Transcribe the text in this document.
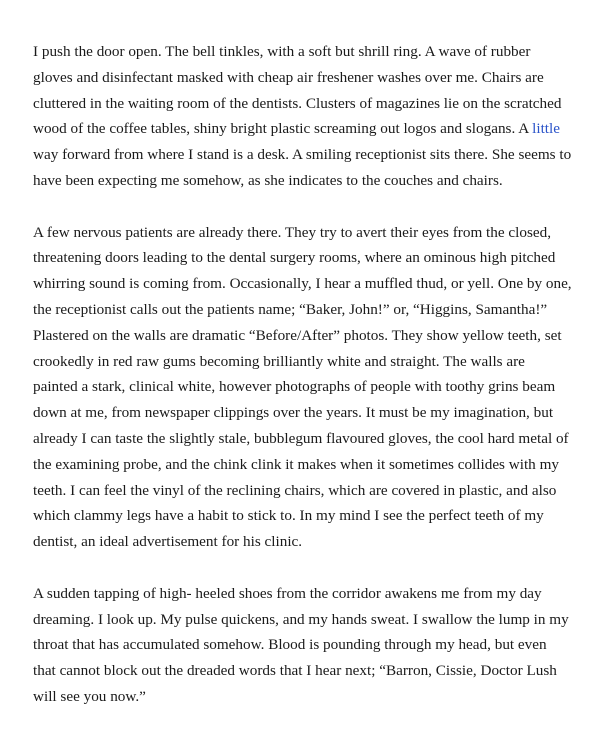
I push the door open. The bell tinkles, with a soft but shrill ring. A wave of rubber gloves and disinfectant masked with cheap air freshener washes over me. Chairs are cluttered in the waiting room of the dentists. Clusters of magazines lie on the scratched wood of the coffee tables, shiny bright plastic screaming out logos and slogans. A little way forward from where I stand is a desk. A smiling receptionist sits there. She seems to have been expecting me somehow, as she indicates to the couches and chairs.

A few nervous patients are already there. They try to avert their eyes from the closed, threatening doors leading to the dental surgery rooms, where an ominous high pitched whirring sound is coming from. Occasionally, I hear a muffled thud, or yell. One by one, the receptionist calls out the patients name; “Baker, John!” or, “Higgins, Samantha!”

Plastered on the walls are dramatic “Before/After” photos. They show yellow teeth, set crookedly in red raw gums becoming brilliantly white and straight. The walls are painted a stark, clinical white, however photographs of people with toothy grins beam down at me, from newspaper clippings over the years. It must be my imagination, but already I can taste the slightly stale, bubblegum flavoured gloves, the cool hard metal of the examining probe, and the chink clink it makes when it sometimes collides with my teeth. I can feel the vinyl of the reclining chairs, which are covered in plastic, and also which clammy legs have a habit to stick to. In my mind I see the perfect teeth of my dentist, an ideal advertisement for his clinic.

A sudden tapping of high- heeled shoes from the corridor awakens me from my day dreaming. I look up. My pulse quickens, and my hands sweat. I swallow the lump in my throat that has accumulated somehow. Blood is pounding through my head, but even that cannot block out the dreaded words that I hear next; “Barron, Cissie, Doctor Lush will see you now.”
